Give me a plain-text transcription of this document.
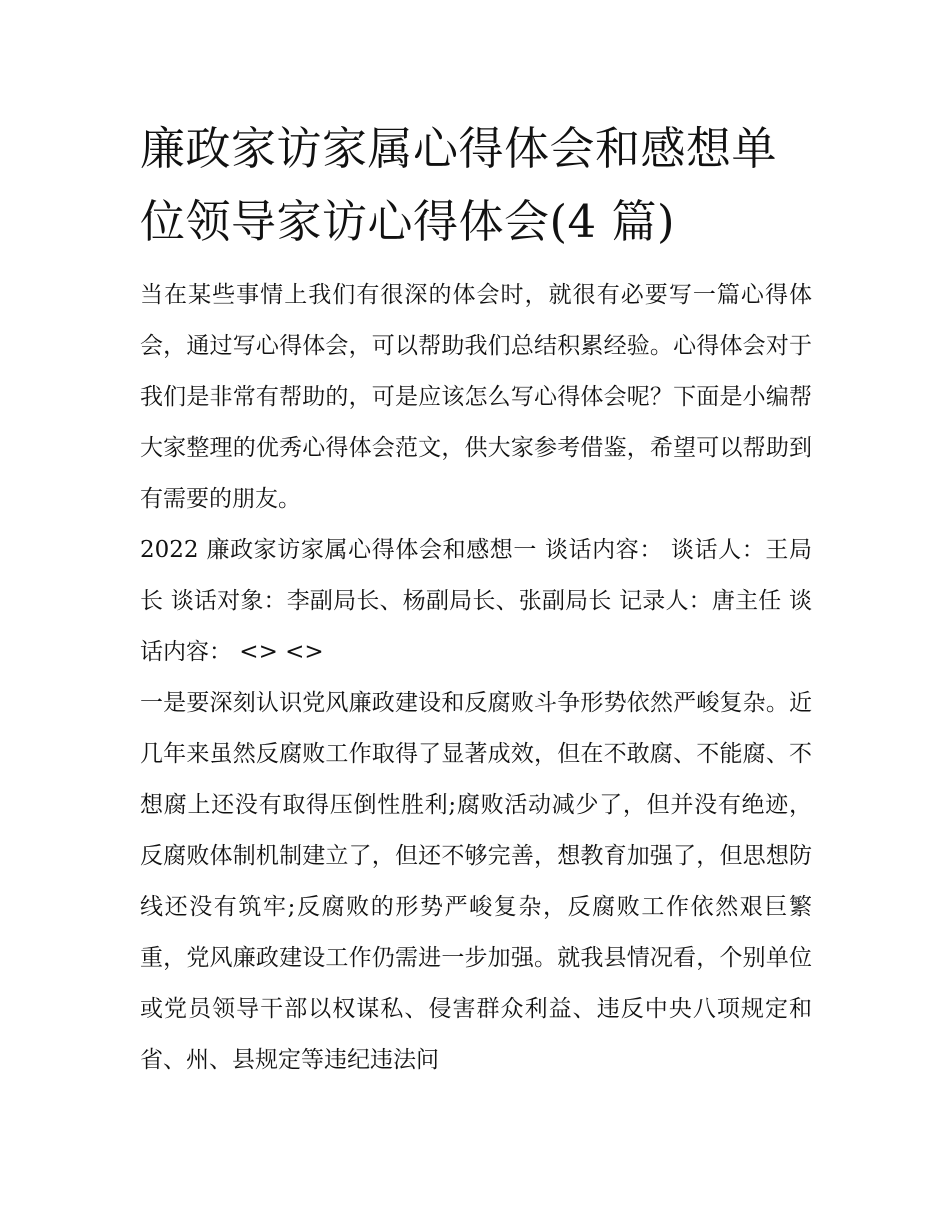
廉政家访家属心得体会和感想单位领导家访心得体会(4 篇)

当在某些事情上我们有很深的体会时，就很有必要写一篇心得体会，通过写心得体会，可以帮助我们总结积累经验。心得体会对于我们是非常有帮助的，可是应该怎么写心得体会呢？下面是小编帮大家整理的优秀心得体会范文，供大家参考借鉴，希望可以帮助到有需要的朋友。

2022 廉政家访家属心得体会和感想一 谈话内容： 谈话人：王局长 谈话对象：李副局长、杨副局长、张副局长 记录人：唐主任 谈话内容： <> <>

一是要深刻认识党风廉政建设和反腐败斗争形势依然严峻复杂。近几年来虽然反腐败工作取得了显著成效，但在不敢腐、不能腐、不想腐上还没有取得压倒性胜利;腐败活动减少了，但并没有绝迹，反腐败体制机制建立了，但还不够完善，想教育加强了，但思想防线还没有筑牢;反腐败的形势严峻复杂，反腐败工作依然艰巨繁重，党风廉政建设工作仍需进一步加强。就我县情况看，个别单位或党员领导干部以权谋私、侵害群众利益、违反中央八项规定和省、州、县规定等违纪违法问
